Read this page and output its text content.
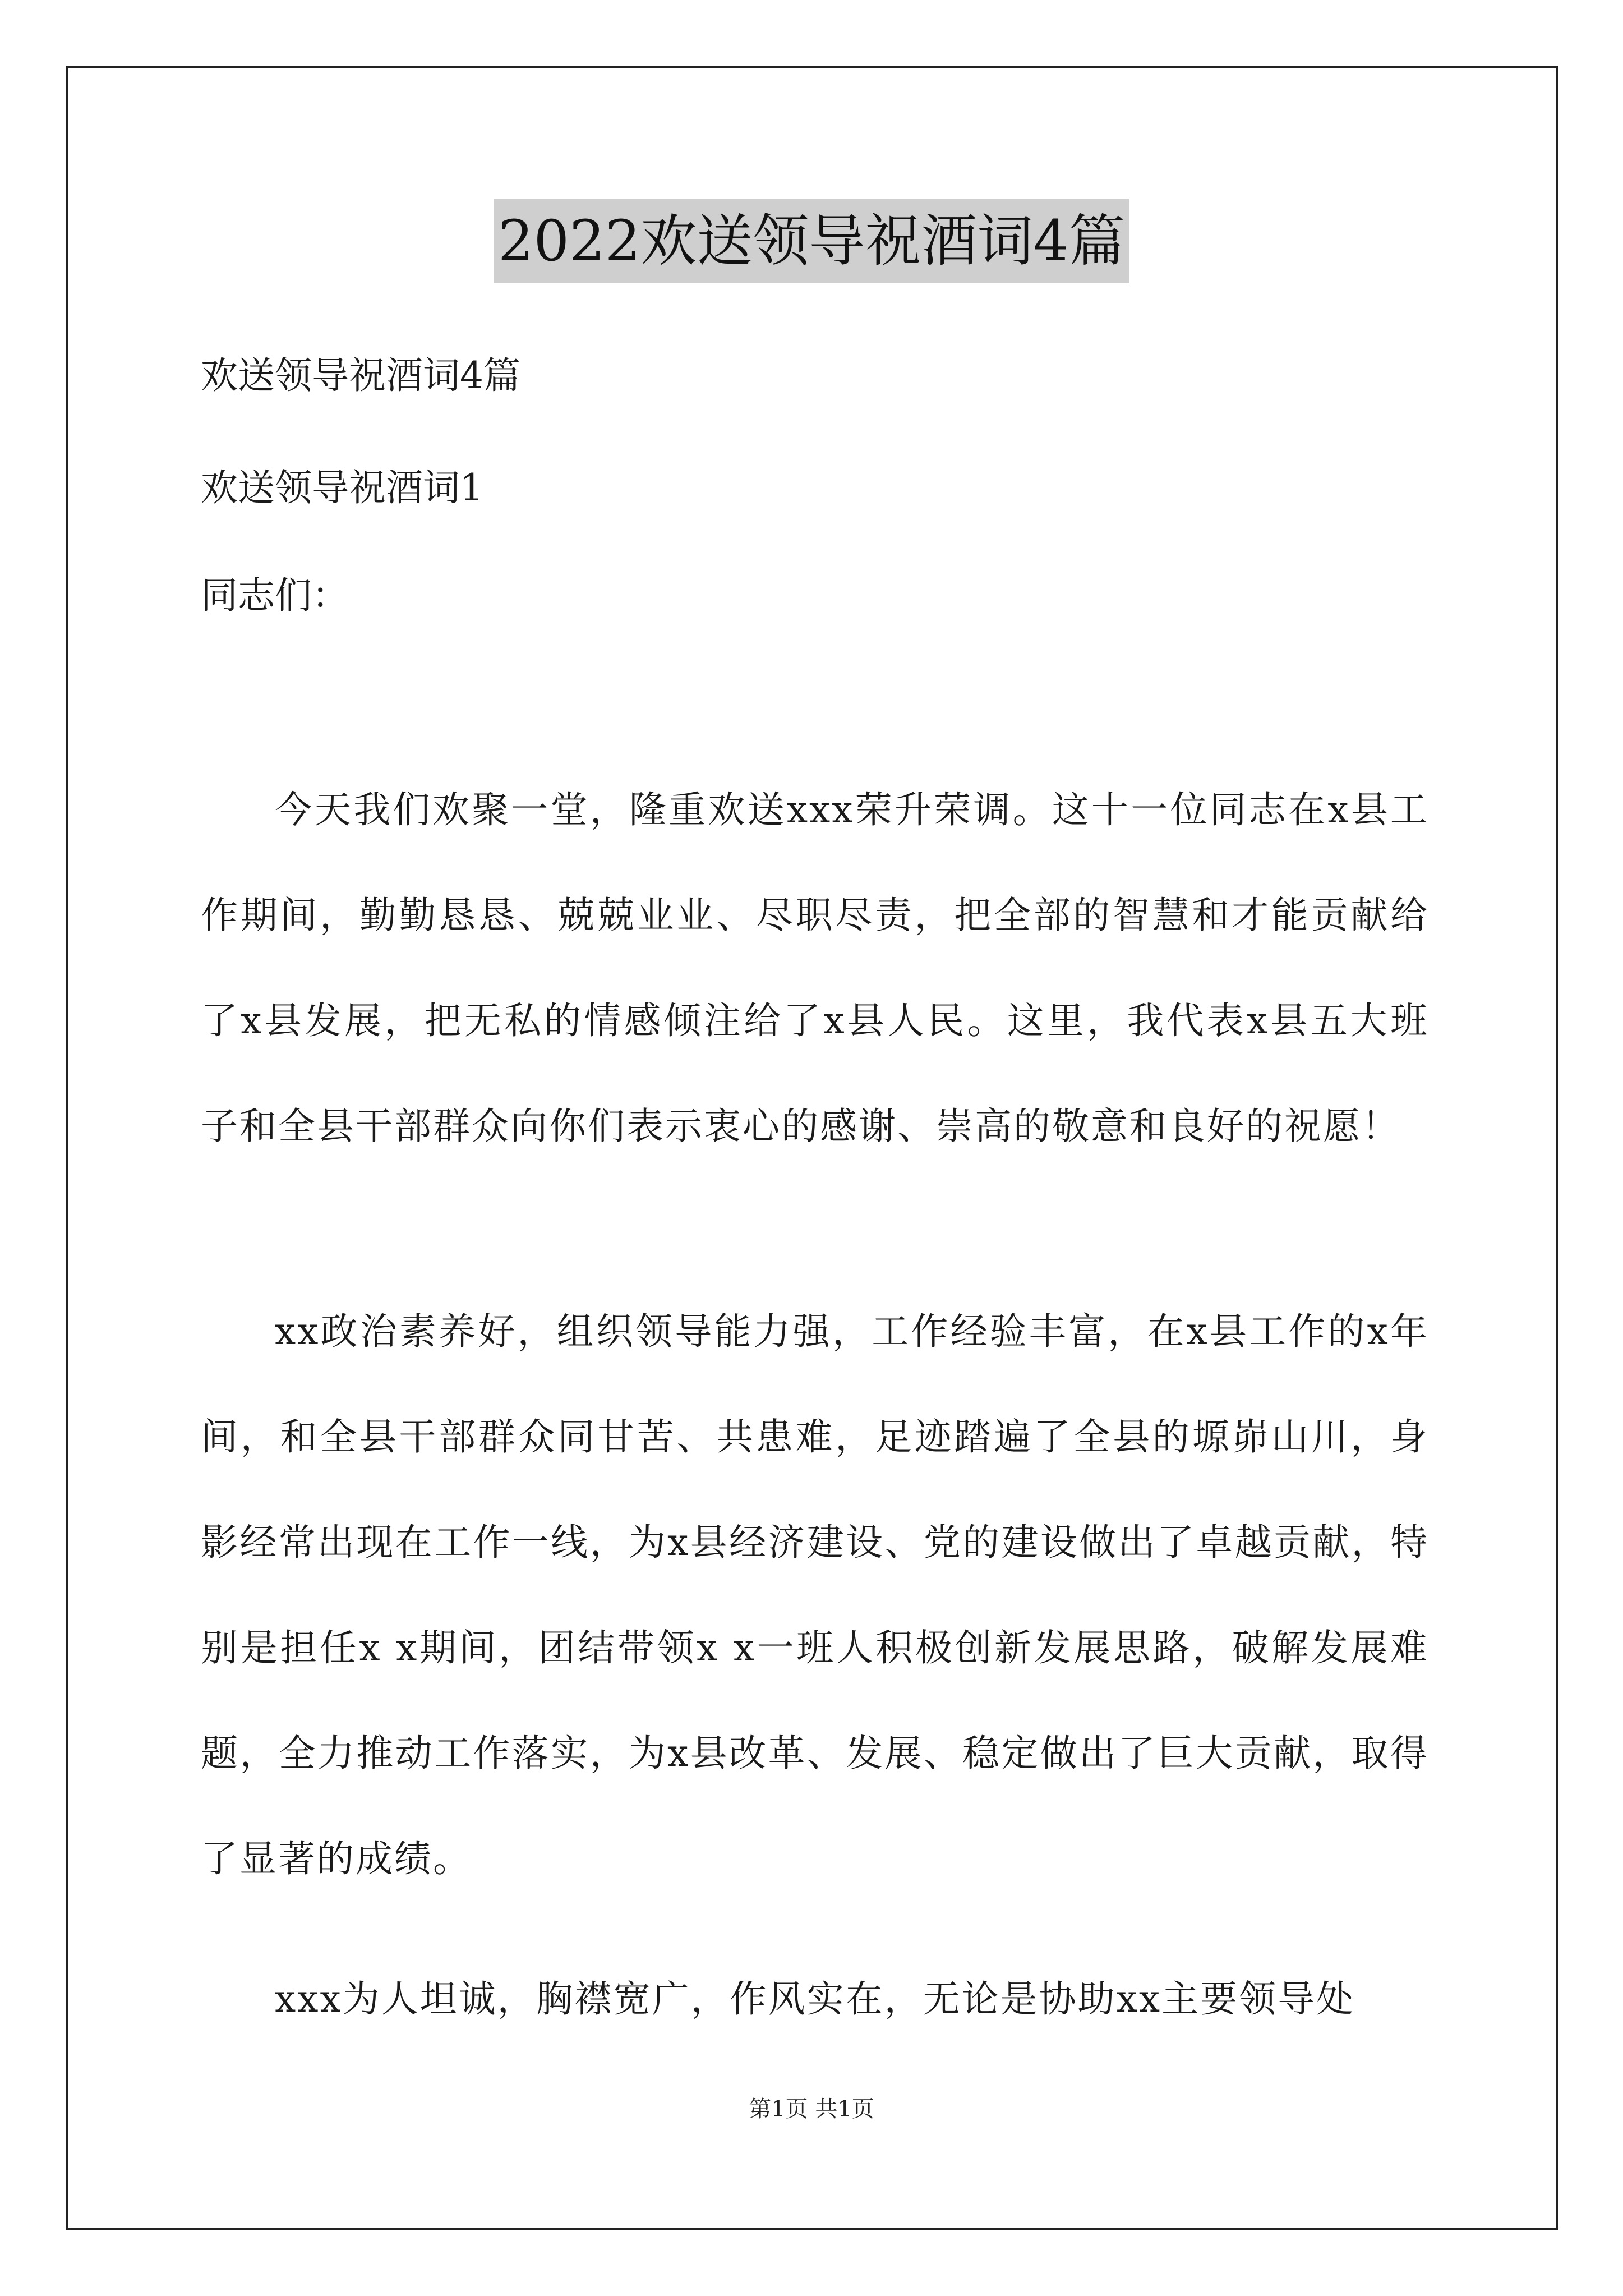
2022欢送领导祝酒词4篇
欢送领导祝酒词4篇
欢送领导祝酒词1
同志们：
今天我们欢聚一堂，隆重欢送xxx荣升荣调。这十一位同志在x县工作期间，勤勤恳恳、兢兢业业、尽职尽责，把全部的智慧和才能贡献给了x县发展，把无私的情感倾注给了x县人民。这里，我代表x县五大班子和全县干部群众向你们表示衷心的感谢、崇高的敬意和良好的祝愿！
xx政治素养好，组织领导能力强，工作经验丰富，在x县工作的x年间，和全县干部群众同甘苦、共患难，足迹踏遍了全县的塬峁山川，身影经常出现在工作一线，为x县经济建设、党的建设做出了卓越贡献，特别是担任x x期间，团结带领x x一班人积极创新发展思路，破解发展难题，全力推动工作落实，为x县改革、发展、稳定做出了巨大贡献，取得了显著的成绩。
xxx为人坦诚，胸襟宽广，作风实在，无论是协助xx主要领导处
第1页 共1页
